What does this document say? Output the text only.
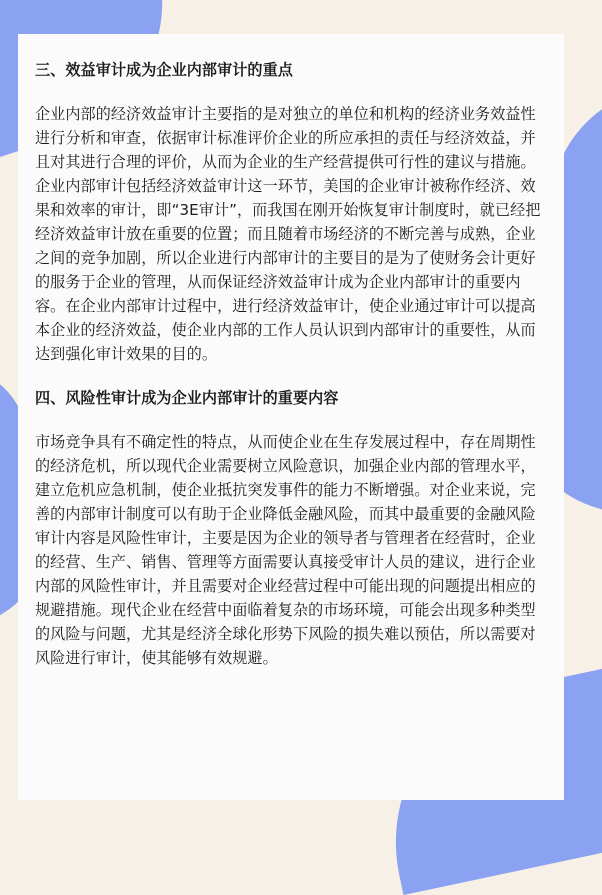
三、效益审计成为企业内部审计的重点

企业内部的经济效益审计主要指的是对独立的单位和机构的经济业务效益性进行分析和审查，依据审计标准评价企业的所应承担的责任与经济效益，并且对其进行合理的评价，从而为企业的生产经营提供可行性的建议与措施。企业内部审计包括经济效益审计这一环节，美国的企业审计被称作经济、效果和效率的审计，即“3E审计”，而我国在刚开始恢复审计制度时，就已经把经济效益审计放在重要的位置；而且随着市场经济的不断完善与成熟，企业之间的竞争加剧，所以企业进行内部审计的主要目的是为了使财务会计更好的服务于企业的管理，从而保证经济效益审计成为企业内部审计的重要内容。在企业内部审计过程中，进行经济效益审计，使企业通过审计可以提高本企业的经济效益，使企业内部的工作人员认识到内部审计的重要性，从而达到强化审计效果的目的。

四、风险性审计成为企业内部审计的重要内容

市场竞争具有不确定性的特点，从而使企业在生存发展过程中，存在周期性的经济危机，所以现代企业需要树立风险意识，加强企业内部的管理水平，建立危机应急机制，使企业抵抗突发事件的能力不断增强。对企业来说，完善的内部审计制度可以有助于企业降低金融风险，而其中最重要的金融风险审计内容是风险性审计，主要是因为企业的领导者与管理者在经营时，企业的经营、生产、销售、管理等方面需要认真接受审计人员的建议，进行企业内部的风险性审计，并且需要对企业经营过程中可能出现的问题提出相应的规避措施。现代企业在经营中面临着复杂的市场环境，可能会出现多种类型的风险与问题，尤其是经济全球化形势下风险的损失难以预估，所以需要对风险进行审计，使其能够有效规避。
